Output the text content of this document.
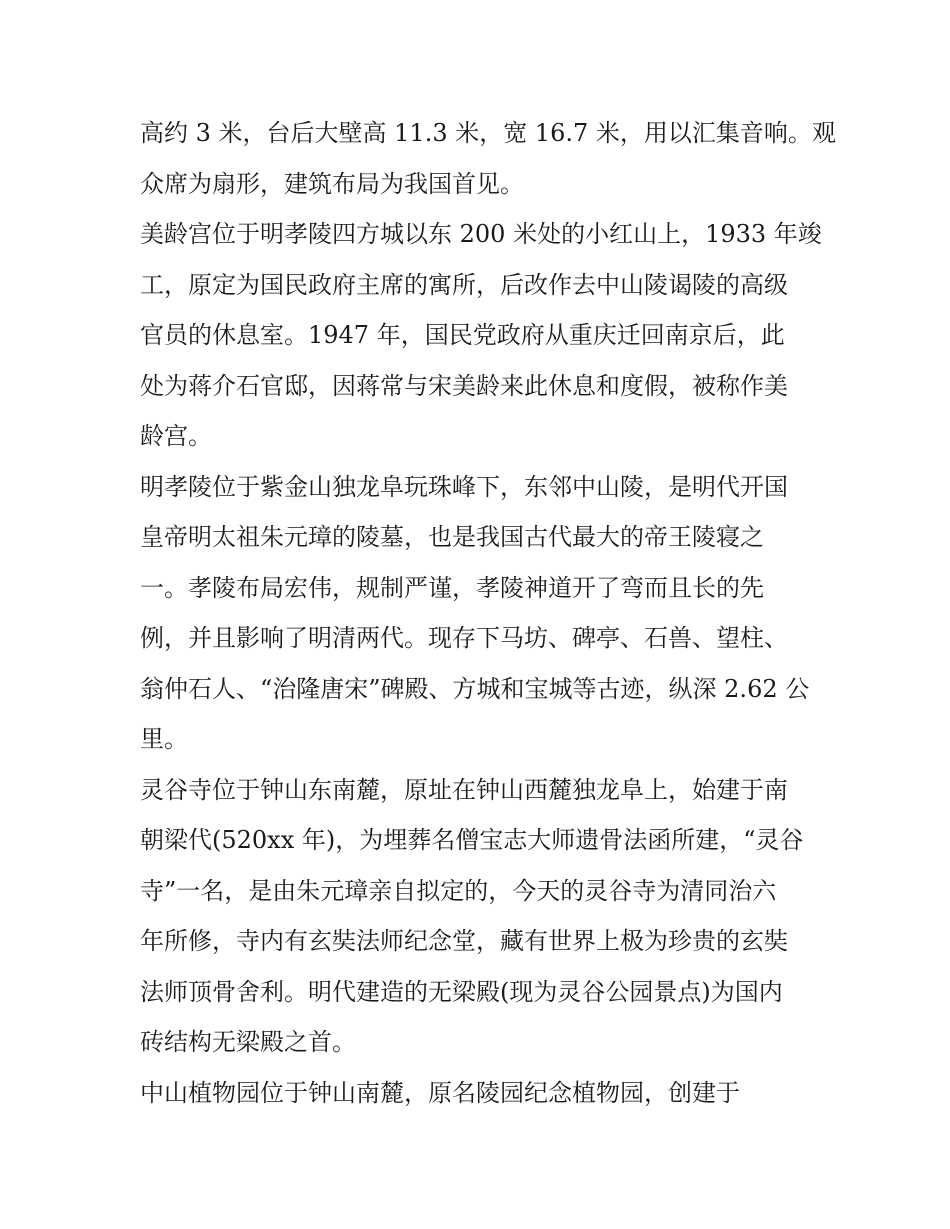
高约 3 米，台后大壁高 11.3 米，宽 16.7 米，用以汇集音响。观
众席为扇形，建筑布局为我国首见。
美龄宫位于明孝陵四方城以东 200 米处的小红山上，1933 年竣
工，原定为国民政府主席的寓所，后改作去中山陵谒陵的高级
官员的休息室。1947 年，国民党政府从重庆迁回南京后，此
处为蒋介石官邸，因蒋常与宋美龄来此休息和度假，被称作美
龄宫。
明孝陵位于紫金山独龙阜玩珠峰下，东邻中山陵，是明代开国
皇帝明太祖朱元璋的陵墓，也是我国古代最大的帝王陵寝之
一。孝陵布局宏伟，规制严谨，孝陵神道开了弯而且长的先
例，并且影响了明清两代。现存下马坊、碑亭、石兽、望柱、
翁仲石人、“治隆唐宋”碑殿、方城和宝城等古迹，纵深 2.62 公
里。
灵谷寺位于钟山东南麓，原址在钟山西麓独龙阜上，始建于南
朝梁代(520xx 年)，为埋葬名僧宝志大师遗骨法函所建，“灵谷
寺”一名，是由朱元璋亲自拟定的，今天的灵谷寺为清同治六
年所修，寺内有玄奘法师纪念堂，藏有世界上极为珍贵的玄奘
法师顶骨舍利。明代建造的无梁殿(现为灵谷公园景点)为国内
砖结构无梁殿之首。
中山植物园位于钟山南麓，原名陵园纪念植物园，创建于
